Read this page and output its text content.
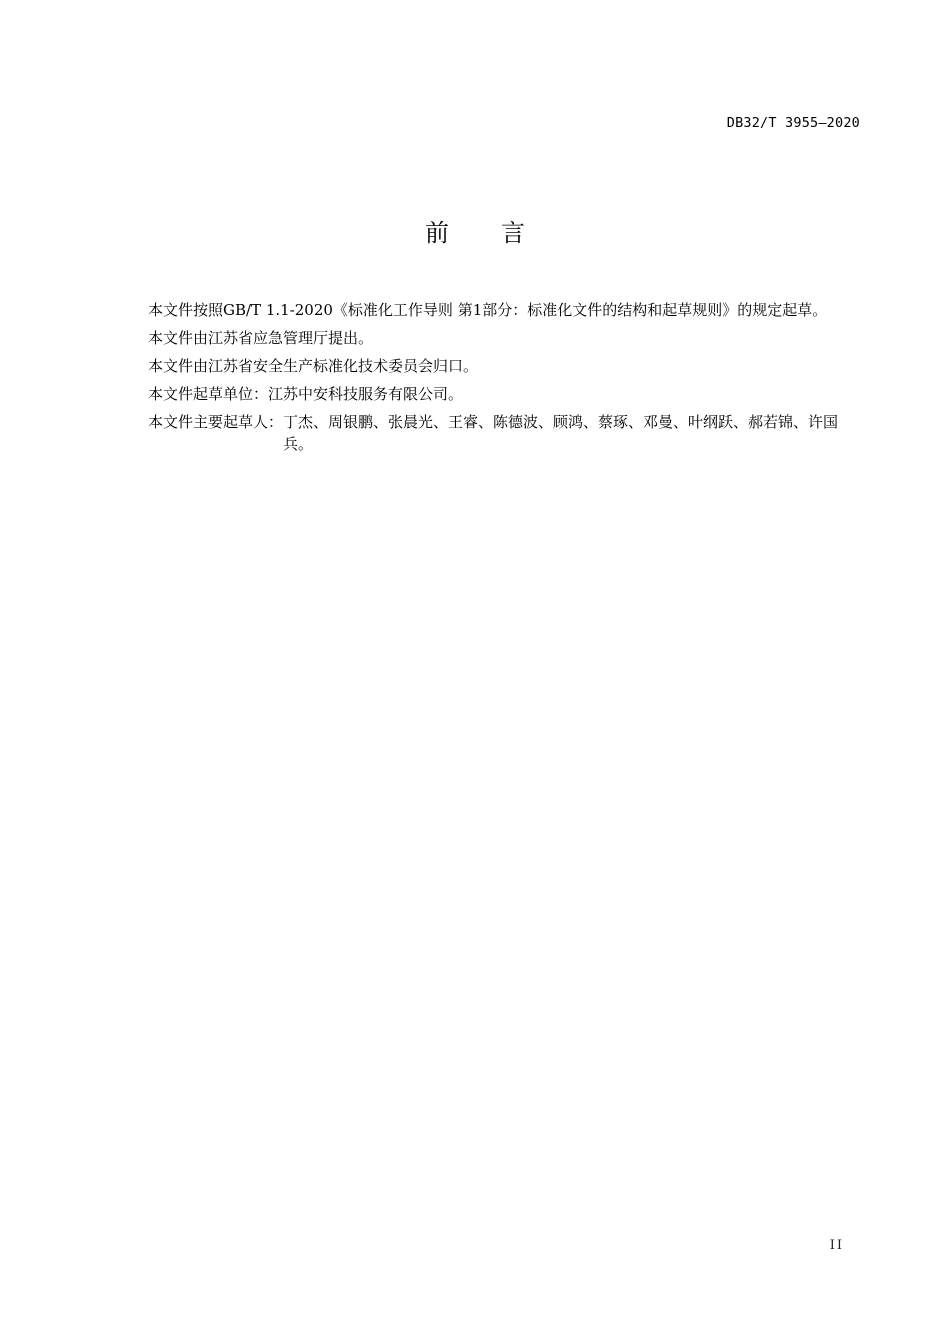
DB32/T 3955—2020
前言

本文件按照GB/T 1.1-2020《标准化工作导则 第1部分：标准化文件的结构和起草规则》的规定起草。

本文件由江苏省应急管理厅提出。

本文件由江苏省安全生产标准化技术委员会归口。

本文件起草单位：江苏中安科技服务有限公司。

本文件主要起草人： 丁杰、周银鹏、张晨光、王睿、陈德波、顾鸿、蔡琢、邓曼、叶纲跃、郝若锦、许国兵。
II
